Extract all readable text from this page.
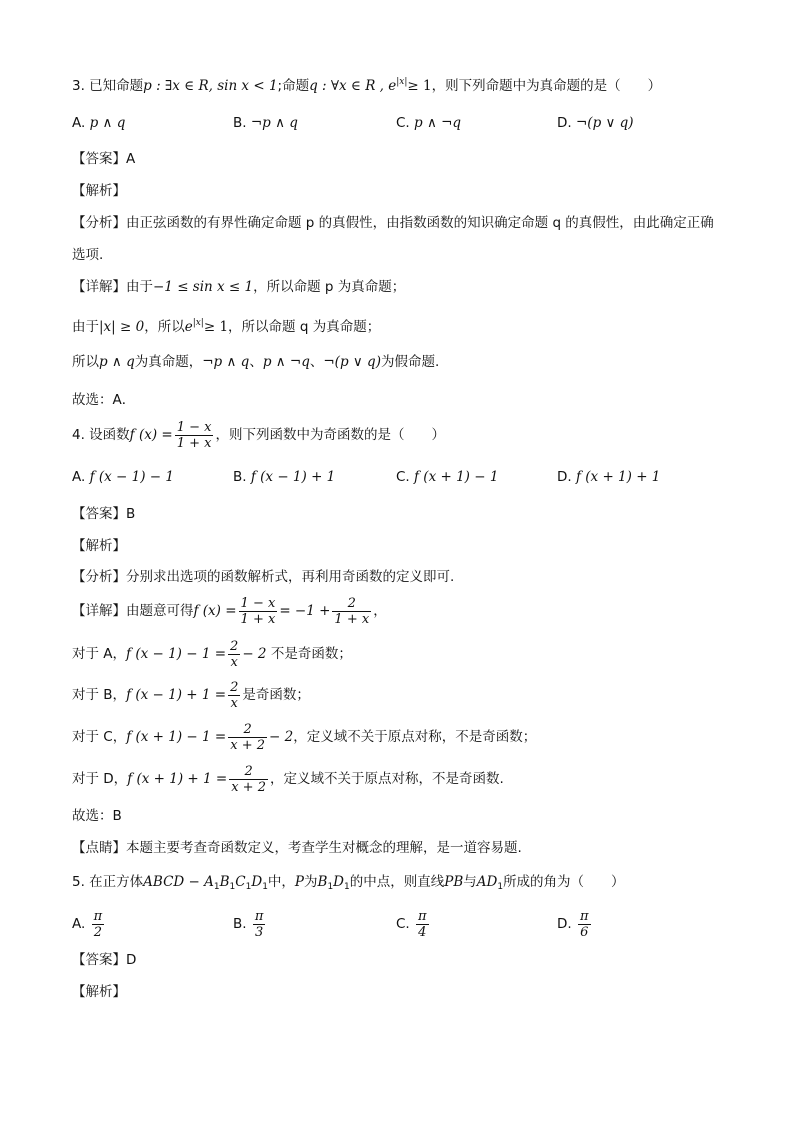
3. 已知命题p : ∃x ∈ R, sin x < 1;命题q : ∀x ∈ R , $e^{|x|}\ge 1$，则下列命题中为真命题的是（　　）
A. p ∧ q	B. ¬p ∧ q	C. p ∧ ¬q	D. ¬(p ∨ q)
【答案】A
【解析】
【分析】由正弦函数的有界性确定命题 p 的真假性，由指数函数的知识确定命题 q 的真假性，由此确定正确
选项.
【详解】由于−1 ≤ sin x ≤ 1，所以命题 p 为真命题；
由于|x| ≥ 0，所以$e^{|x|}\ge 1$，所以命题 q 为真命题；
所以p ∧ q为真命题，¬p ∧ q、p ∧ ¬q、¬(p ∨ q)为假命题.
故选：A．
4. 设函数f $(x) = \frac{1 - x}{1 + x}$ ，则下列函数中为奇函数的是（　　）
A. f (x − 1) − 1	B. f (x − 1) + 1	C. f (x + 1) − 1	D. f (x + 1) + 1
【答案】B
【解析】
【分析】分别求出选项的函数解析式，再利用奇函数的定义即可.
【详解】由题意可得f $(x) = \frac{1 - x}{1 + x} = -1 + \frac{2}{1 + x}$ ，
对于 A，f $(x - 1) - 1 = \frac{2}{x} - 2$ 不是奇函数；
对于 B，f $(x - 1) + 1 = \frac{2}{x}$ 是奇函数；
对于 C，f $(x + 1) - 1 = \frac{2}{x + 2} - 2$，定义域不关于原点对称，不是奇函数；
对于 D，f $(x + 1) + 1 = \frac{2}{x + 2}$ ，定义域不关于原点对称，不是奇函数.
故选：B
【点睛】本题主要考查奇函数定义，考查学生对概念的理解，是一道容易题.
5. 在正方体ABCD − $A_1B_1C_1D_1$中，P为$B_1D_1$的中点，则直线PB与$AD_1$所成的角为（　　）
A. $\frac{\pi}{2}$	B. $\frac{\pi}{3}$	C. $\frac{\pi}{4}$	D. $\frac{\pi}{6}$
【答案】D
【解析】
